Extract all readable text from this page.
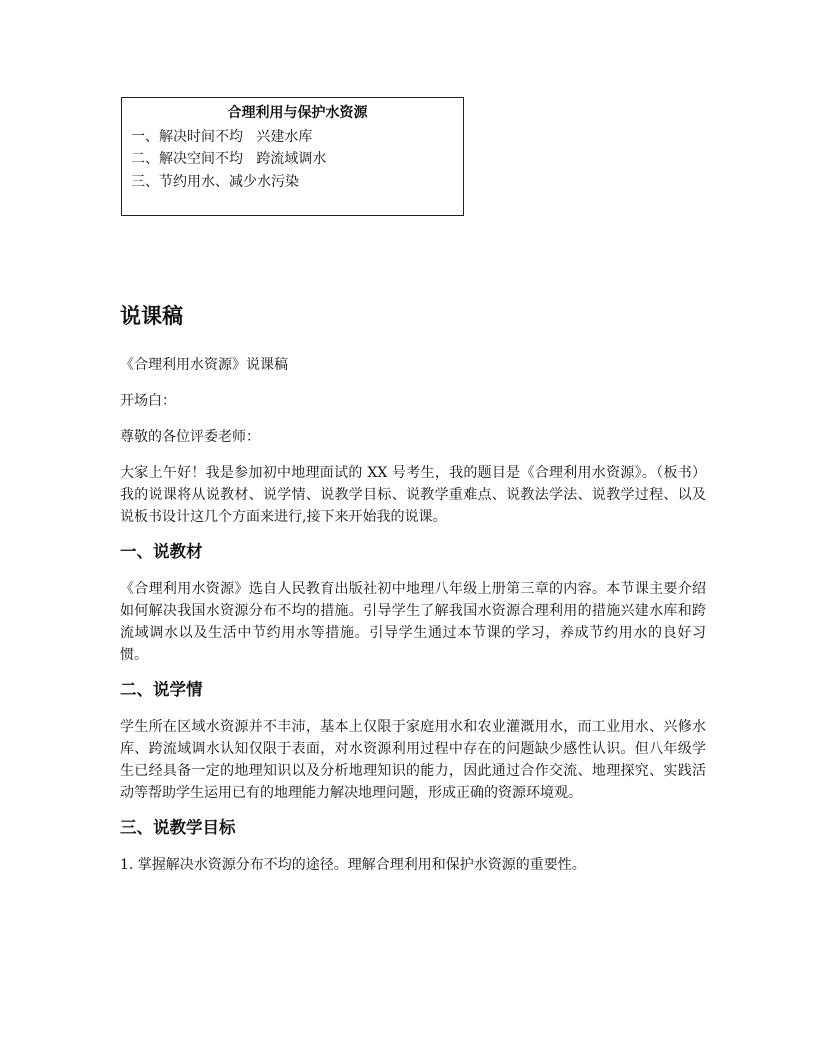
合理利用与保护水资源
一、解决时间不均   兴建水库
二、解决空间不均   跨流域调水
三、节约用水、减少水污染
说课稿

《合理利用水资源》说课稿

开场白：

尊敬的各位评委老师：

大家上午好！我是参加初中地理面试的 XX 号考生，我的题目是《合理利用水资源》。（板书）我的说课将从说教材、说学情、说教学目标、说教学重难点、说教法学法、说教学过程、以及说板书设计这几个方面来进行,接下来开始我的说课。

一、说教材

《合理利用水资源》选自人民教育出版社初中地理八年级上册第三章的内容。本节课主要介绍如何解决我国水资源分布不均的措施。引导学生了解我国水资源合理利用的措施兴建水库和跨流域调水以及生活中节约用水等措施。引导学生通过本节课的学习，养成节约用水的良好习惯。

二、说学情

学生所在区域水资源并不丰沛，基本上仅限于家庭用水和农业灌溉用水，而工业用水、兴修水库、跨流域调水认知仅限于表面，对水资源利用过程中存在的问题缺少感性认识。但八年级学生已经具备一定的地理知识以及分析地理知识的能力，因此通过合作交流、地理探究、实践活动等帮助学生运用已有的地理能力解决地理问题，形成正确的资源环境观。

三、说教学目标

1. 掌握解决水资源分布不均的途径。理解合理利用和保护水资源的重要性。
